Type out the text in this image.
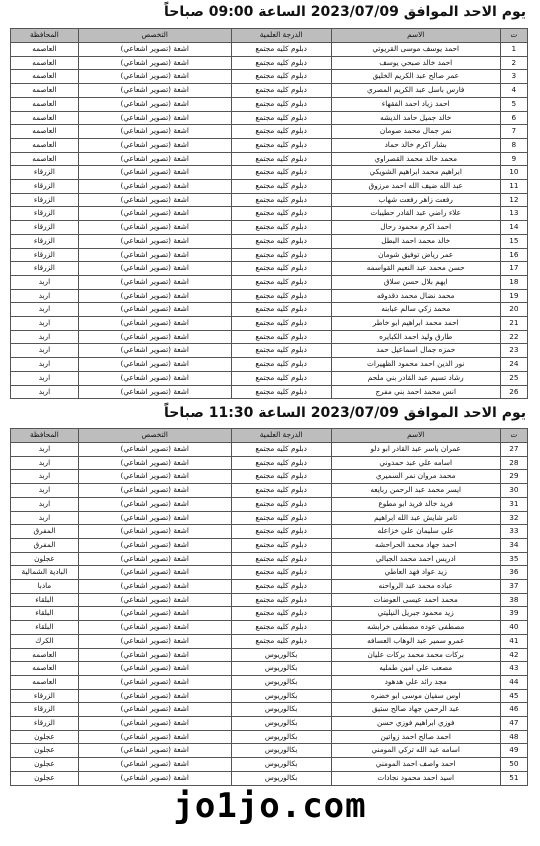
يوم الاحد الموافق 2023/07/09 الساعة 09:00 صباحاً
ت	الاسم	الدرجة العلمية	التخصص	المحافظة
1	احمد يوسف موسى القريوتي	دبلوم كليه مجتمع	اشعة (تصوير اشعاعي)	العاصمه
2	احمد خالد صبحي يوسف	دبلوم كليه مجتمع	اشعة (تصوير اشعاعي)	العاصمه
3	عمر صالح عبد الكريم الخليق	دبلوم كليه مجتمع	اشعة (تصوير اشعاعي)	العاصمه
4	فارس باسل عبد الكريم المصري	دبلوم كليه مجتمع	اشعة (تصوير اشعاعي)	العاصمه
5	احمد زياد احمد الفقهاء	دبلوم كليه مجتمع	اشعة (تصوير اشعاعي)	العاصمه
6	خالد جميل حامد الديشه	دبلوم كليه مجتمع	اشعة (تصوير اشعاعي)	العاصمه
7	نمر جمال محمد صومان	دبلوم كليه مجتمع	اشعة (تصوير اشعاعي)	العاصمه
8	بشار اكرم خالد حماد	دبلوم كليه مجتمع	اشعة (تصوير اشعاعي)	العاصمه
9	محمد خالد محمد القصراوي	دبلوم كليه مجتمع	اشعة (تصوير اشعاعي)	العاصمه
10	ابراهيم محمد ابراهيم الشويكي	دبلوم كليه مجتمع	اشعة (تصوير اشعاعي)	الزرقاء
11	عبد الله ضيف الله احمد مرزوق	دبلوم كليه مجتمع	اشعة (تصوير اشعاعي)	الزرقاء
12	رفعت زاهر رفعت شهاب	دبلوم كليه مجتمع	اشعة (تصوير اشعاعي)	الزرقاء
13	علاء راضي عبد القادر حطيبات	دبلوم كليه مجتمع	اشعة (تصوير اشعاعي)	الزرقاء
14	احمد اكرم محمود رحال	دبلوم كليه مجتمع	اشعة (تصوير اشعاعي)	الزرقاء
15	خالد محمد احمد البطل	دبلوم كليه مجتمع	اشعة (تصوير اشعاعي)	الزرقاء
16	عمر رياض توفيق شومان	دبلوم كليه مجتمع	اشعة (تصوير اشعاعي)	الزرقاء
17	حسن محمد عبد النعيم القواسمه	دبلوم كليه مجتمع	اشعة (تصوير اشعاعي)	الزرقاء
18	ايهم بلال حسن سلاق	دبلوم كليه مجتمع	اشعة (تصوير اشعاعي)	اربد
19	محمد نضال محمد دقدوقه	دبلوم كليه مجتمع	اشعة (تصوير اشعاعي)	اربد
20	محمد زكي سالم عبابنه	دبلوم كليه مجتمع	اشعة (تصوير اشعاعي)	اربد
21	احمد محمد ابراهيم ابو خاطر	دبلوم كليه مجتمع	اشعة (تصوير اشعاعي)	اربد
22	طارق وليد احمد الكبايره	دبلوم كليه مجتمع	اشعة (تصوير اشعاعي)	اربد
23	حمزه جمال اسماعيل حمد	دبلوم كليه مجتمع	اشعة (تصوير اشعاعي)	اربد
24	نور الدين احمد محمود الظهيرات	دبلوم كليه مجتمع	اشعة (تصوير اشعاعي)	اربد
25	رشاد تسيم عبد القادر بني ملحم	دبلوم كليه مجتمع	اشعة (تصوير اشعاعي)	اربد
26	انس محمد احمد بني مفرج	دبلوم كليه مجتمع	اشعة (تصوير اشعاعي)	اربد
يوم الاحد الموافق 2023/07/09 الساعة 11:30 صباحاً
ت	الاسم	الدرجة العلمية	التخصص	المحافظة
27	عمران ياسر عبد القادر ابو دلو	دبلوم كليه مجتمع	اشعة (تصوير اشعاعي)	اربد
28	اسامه علي عبد حمدوني	دبلوم كليه مجتمع	اشعة (تصوير اشعاعي)	اربد
29	محمد مروان نمر السميري	دبلوم كليه مجتمع	اشعة (تصوير اشعاعي)	اربد
30	ايسر محمد عبد الرحمن ربايعه	دبلوم كليه مجتمع	اشعة (تصوير اشعاعي)	اربد
31	فريد خالد فريد ابو مطوع	دبلوم كليه مجتمع	اشعة (تصوير اشعاعي)	اربد
32	ثامر شايش عبد الله ابراهيم	دبلوم كليه مجتمع	اشعة (تصوير اشعاعي)	اربد
33	علي سليمان علي خزاعله	دبلوم كليه مجتمع	اشعة (تصوير اشعاعي)	المفرق
34	احمد جهاد محمد الحراحشه	دبلوم كليه مجتمع	اشعة (تصوير اشعاعي)	المفرق
35	ادريس احمد محمد الجبالي	دبلوم كليه مجتمع	اشعة (تصوير اشعاعي)	عجلون
36	زيد عواد فهد العاطي	دبلوم كليه مجتمع	اشعة (تصوير اشعاعي)	البادية الشمالية
37	عباده محمد عبد الرواحنه	دبلوم كليه مجتمع	اشعة (تصوير اشعاعي)	مادبا
38	محمد احمد عيسى العوضات	دبلوم كليه مجتمع	اشعة (تصوير اشعاعي)	البلقاء
39	زيد محمود جبريل النيليتي	دبلوم كليه مجتمع	اشعة (تصوير اشعاعي)	البلقاء
40	مصطفى عوده مصطفى خرابشه	دبلوم كليه مجتمع	اشعة (تصوير اشعاعي)	البلقاء
41	عمرو سمير عبد الوهاب العسافه	دبلوم كليه مجتمع	اشعة (تصوير اشعاعي)	الكرك
42	بركات محمد محمد بركات عليان	بكالوريوس	اشعة (تصوير اشعاعي)	العاصمه
43	مصعب علي امين طمليه	بكالوريوس	اشعة (تصوير اشعاعي)	العاصمه
44	مجد رائد علي هدهود	بكالوريوس	اشعة (تصوير اشعاعي)	العاصمه
45	اوس سفيان موسى ابو خضره	بكالوريوس	اشعة (تصوير اشعاعي)	الزرقاء
46	عبد الرحمن جهاد صالح ستيق	بكالوريوس	اشعة (تصوير اشعاعي)	الزرقاء
47	فوزي ابراهيم فوزي حسن	بكالوريوس	اشعة (تصوير اشعاعي)	الزرقاء
48	احمد صالح احمد زواتين	بكالوريوس	اشعة (تصوير اشعاعي)	عجلون
49	اسامه عبد الله تركي المومني	بكالوريوس	اشعة (تصوير اشعاعي)	عجلون
50	احمد واصف احمد المومني	بكالوريوس	اشعة (تصوير اشعاعي)	عجلون
51	اسيد احمد محمود نجادات	بكالوريوس	اشعة (تصوير اشعاعي)	عجلون
jo1jo.com
